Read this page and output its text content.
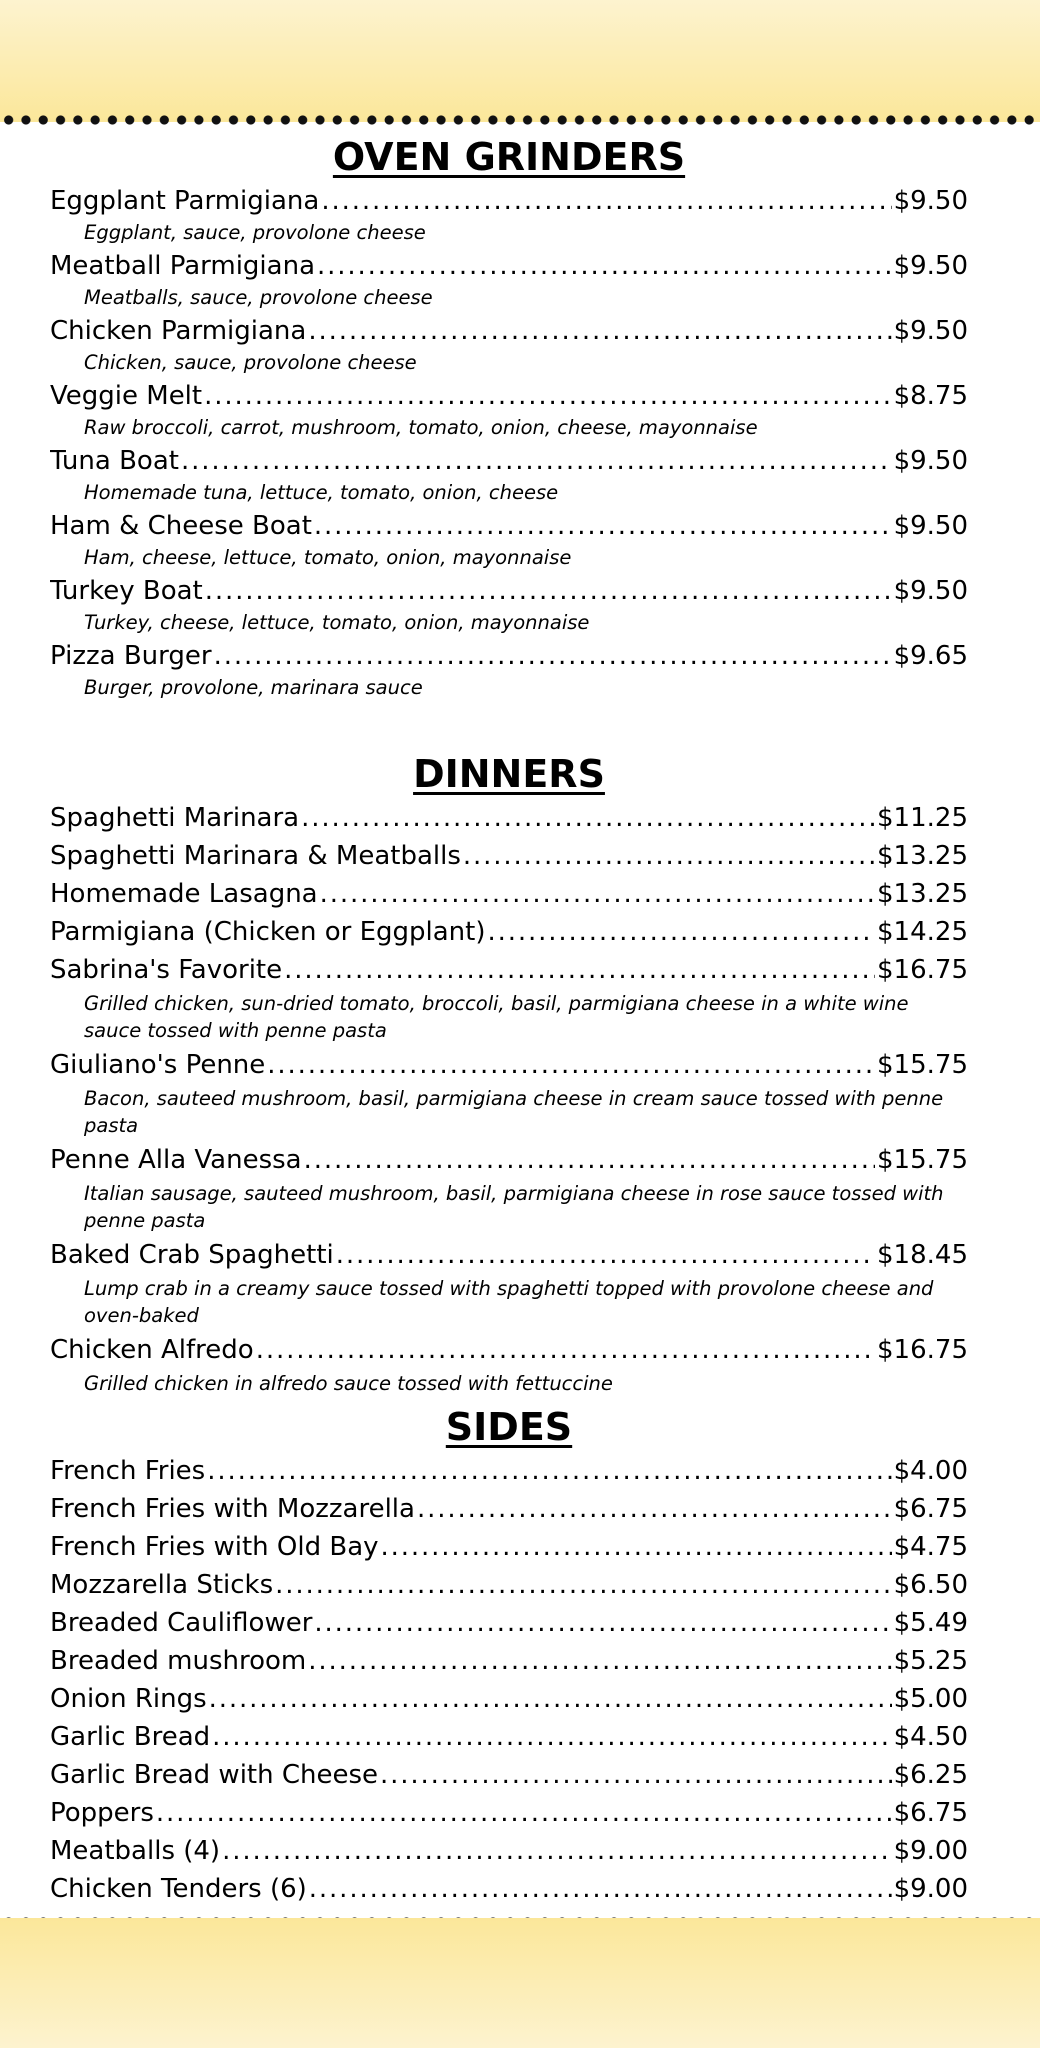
OVEN GRINDERS
Eggplant Parmigiana . . .	$9.50
Eggplant, sauce, provolone cheese
Meatball Parmigiana . . .	$9.50
Meatballs, sauce, provolone cheese
Chicken Parmigiana . . .	$9.50
Chicken, sauce, provolone cheese
Veggie Melt . . .	$8.75
Raw broccoli, carrot, mushroom, tomato, onion, cheese, mayonnaise
Tuna Boat . . .	$9.50
Homemade tuna, lettuce, tomato, onion, cheese
Ham & Cheese Boat . . .	$9.50
Ham, cheese, lettuce, tomato, onion, mayonnaise
Turkey Boat . . .	$9.50
Turkey, cheese, lettuce, tomato, onion, mayonnaise
Pizza Burger . . .	$9.65
Burger, provolone, marinara sauce
DINNERS
Spaghetti Marinara . . .	$11.25
Spaghetti Marinara & Meatballs . . .	$13.25
Homemade Lasagna . . .	$13.25
Parmigiana (Chicken or Eggplant) . . .	$14.25
Sabrina's Favorite . . .	$16.75
Grilled chicken, sun-dried tomato, broccoli, basil, parmigiana cheese in a white wine sauce tossed with penne pasta
Giuliano's Penne . . .	$15.75
Bacon, sauteed mushroom, basil, parmigiana cheese in cream sauce tossed with penne pasta
Penne Alla Vanessa . . .	$15.75
Italian sausage, sauteed mushroom, basil, parmigiana cheese in rose sauce tossed with penne pasta
Baked Crab Spaghetti . . .	$18.45
Lump crab in a creamy sauce tossed with spaghetti topped with provolone cheese and oven-baked
Chicken Alfredo . . .	$16.75
Grilled chicken in alfredo sauce tossed with fettuccine
SIDES
French Fries . . .	$4.00
French Fries with Mozzarella . . .	$6.75
French Fries with Old Bay . . .	$4.75
Mozzarella Sticks . . .	$6.50
Breaded Cauliflower . . .	$5.49
Breaded mushroom . . .	$5.25
Onion Rings . . .	$5.00
Garlic Bread . . .	$4.50
Garlic Bread with Cheese . . .	$6.25
Poppers . . .	$6.75
Meatballs (4) . . .	$9.00
Chicken Tenders (6) . . .	$9.00
